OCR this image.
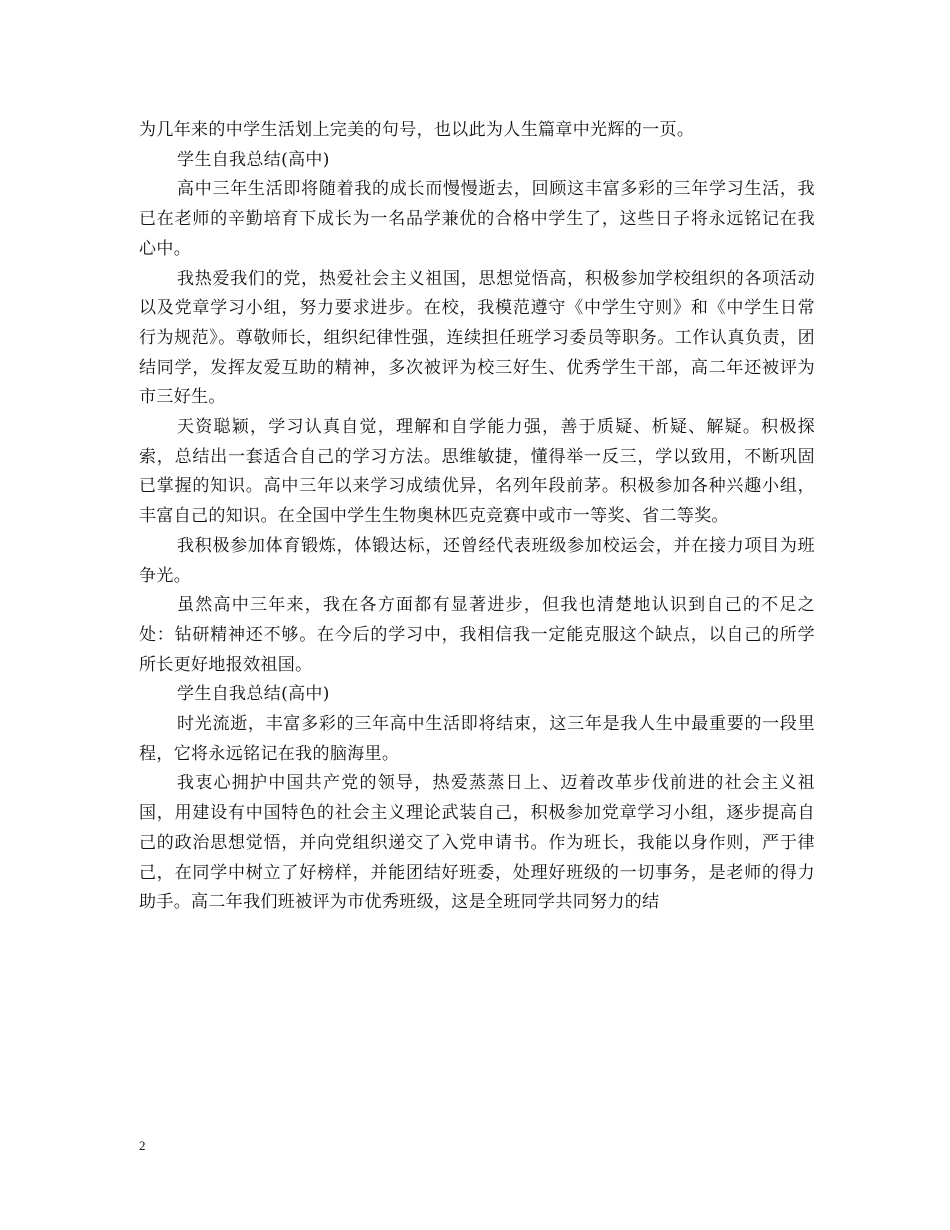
为几年来的中学生活划上完美的句号，也以此为人生篇章中光辉的一页。

学生自我总结(高中)

高中三年生活即将随着我的成长而慢慢逝去，回顾这丰富多彩的三年学习生活，我已在老师的辛勤培育下成长为一名品学兼优的合格中学生了，这些日子将永远铭记在我心中。

我热爱我们的党，热爱社会主义祖国，思想觉悟高，积极参加学校组织的各项活动以及党章学习小组，努力要求进步。在校，我模范遵守《中学生守则》和《中学生日常行为规范》。尊敬师长，组织纪律性强，连续担任班学习委员等职务。工作认真负责，团结同学，发挥友爱互助的精神，多次被评为校三好生、优秀学生干部，高二年还被评为市三好生。

天资聪颖，学习认真自觉，理解和自学能力强，善于质疑、析疑、解疑。积极探索，总结出一套适合自己的学习方法。思维敏捷，懂得举一反三，学以致用，不断巩固已掌握的知识。高中三年以来学习成绩优异，名列年段前茅。积极参加各种兴趣小组，丰富自己的知识。在全国中学生生物奥林匹克竞赛中或市一等奖、省二等奖。

我积极参加体育锻炼，体锻达标，还曾经代表班级参加校运会，并在接力项目为班争光。

虽然高中三年来，我在各方面都有显著进步，但我也清楚地认识到自己的不足之处：钻研精神还不够。在今后的学习中，我相信我一定能克服这个缺点，以自己的所学所长更好地报效祖国。

学生自我总结(高中)

时光流逝，丰富多彩的三年高中生活即将结束，这三年是我人生中最重要的一段里程，它将永远铭记在我的脑海里。

我衷心拥护中国共产党的领导，热爱蒸蒸日上、迈着改革步伐前进的社会主义祖国，用建设有中国特色的社会主义理论武装自己，积极参加党章学习小组，逐步提高自己的政治思想觉悟，并向党组织递交了入党申请书。作为班长，我能以身作则，严于律己，在同学中树立了好榜样，并能团结好班委，处理好班级的一切事务，是老师的得力助手。高二年我们班被评为市优秀班级，这是全班同学共同努力的结

2
